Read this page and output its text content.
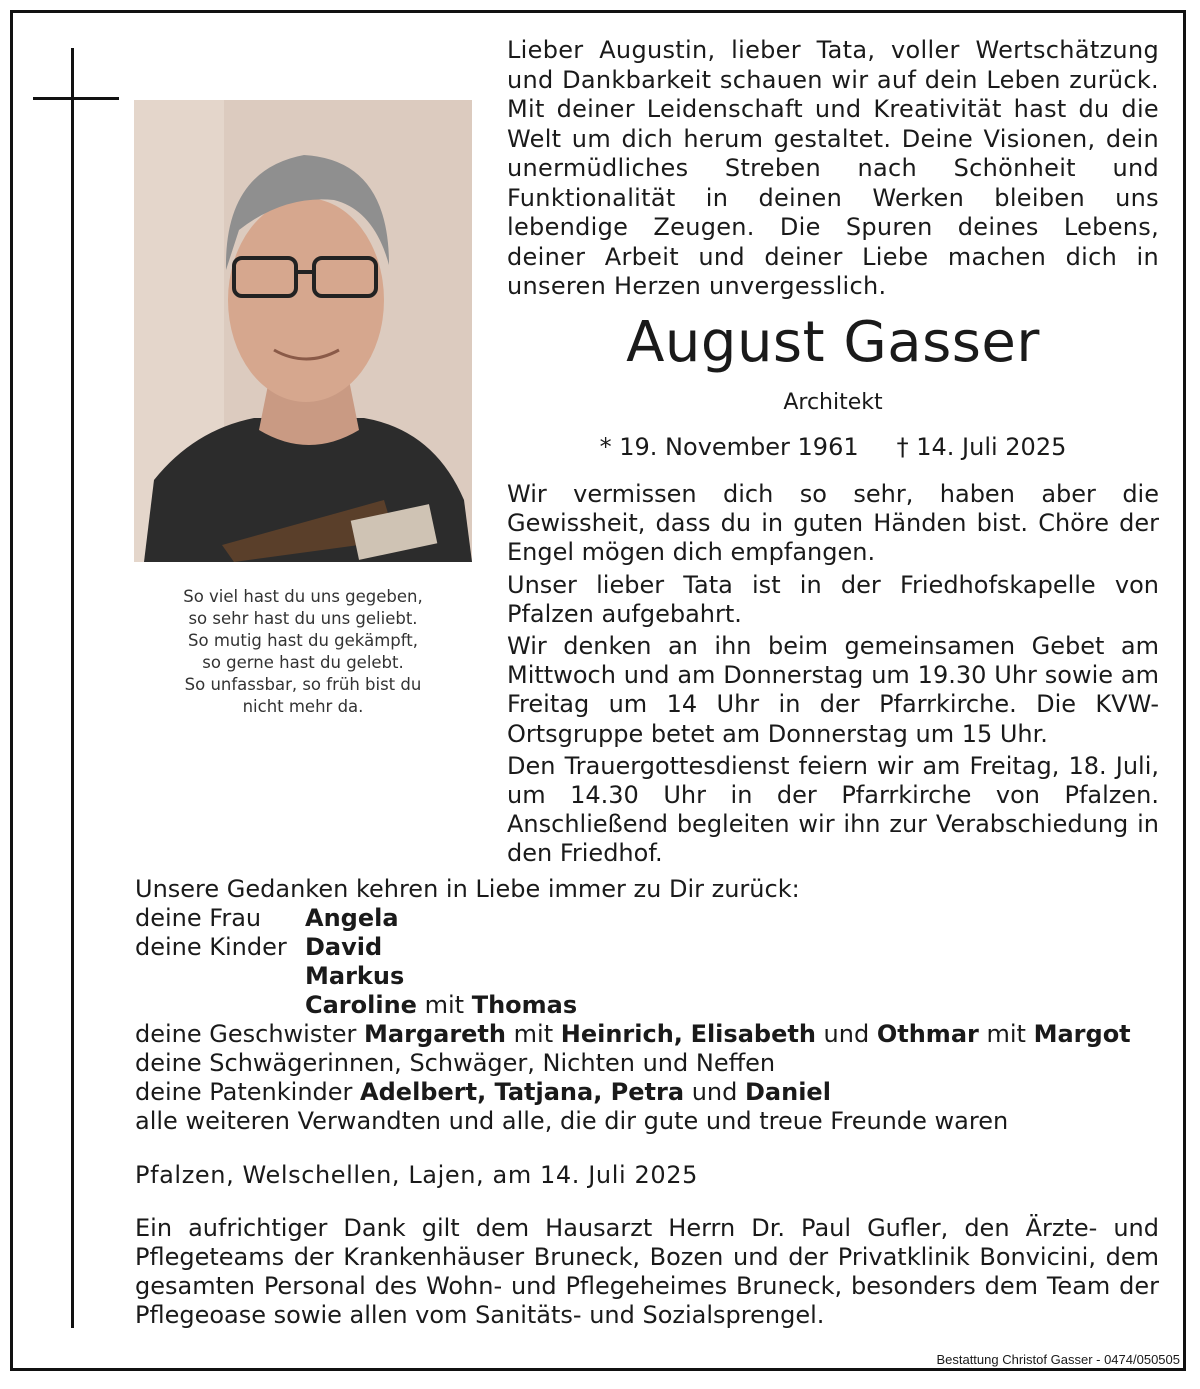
So viel hast du uns gegeben,
so sehr hast du uns geliebt.
So mutig hast du gekämpft,
so gerne hast du gelebt.
So unfassbar, so früh bist du
nicht mehr da.
Lieber Augustin, lieber Tata, voller Wertschätzung und Dankbarkeit schauen wir auf dein Leben zurück. Mit deiner Leidenschaft und Kreativität hast du die Welt um dich herum gestaltet. Deine Visionen, dein unermüdliches Streben nach Schönheit und Funktionalität in deinen Werken bleiben uns lebendige Zeugen. Die Spuren deines Lebens, deiner Arbeit und deiner Liebe machen dich in unseren Herzen unvergesslich.
August Gasser
Architekt
* 19. November 1961 † 14. Juli 2025

Wir vermissen dich so sehr, haben aber die Gewissheit, dass du in guten Händen bist. Chöre der Engel mögen dich empfangen.

Unser lieber Tata ist in der Friedhofskapelle von Pfalzen aufgebahrt.

Wir denken an ihn beim gemeinsamen Gebet am Mittwoch und am Donnerstag um 19.30 Uhr sowie am Freitag um 14 Uhr in der Pfarrkirche. Die KVW-Ortsgruppe betet am Donnerstag um 15 Uhr.

Den Trauergottesdienst feiern wir am Freitag, 18. Juli, um 14.30 Uhr in der Pfarrkirche von Pfalzen. Anschließend begleiten wir ihn zur Verabschiedung in den Friedhof.

Unsere Gedanken kehren in Liebe immer zu Dir zurück:
deine Frau Angela
deine Kinder David
Markus
Caroline mit Thomas
deine Geschwister Margareth mit Heinrich, Elisabeth und Othmar mit Margot
deine Schwägerinnen, Schwäger, Nichten und Neffen
deine Patenkinder Adelbert, Tatjana, Petra und Daniel
alle weiteren Verwandten und alle, die dir gute und treue Freunde waren
Pfalzen, Welschellen, Lajen, am 14. Juli 2025
Ein aufrichtiger Dank gilt dem Hausarzt Herrn Dr. Paul Gufler, den Ärzte- und Pflegeteams der Krankenhäuser Bruneck, Bozen und der Privatklinik Bonvicini, dem gesamten Personal des Wohn- und Pflegeheimes Bruneck, besonders dem Team der Pflegeoase sowie allen vom Sanitäts- und Sozialsprengel.
Bestattung Christof Gasser - 0474/050505
